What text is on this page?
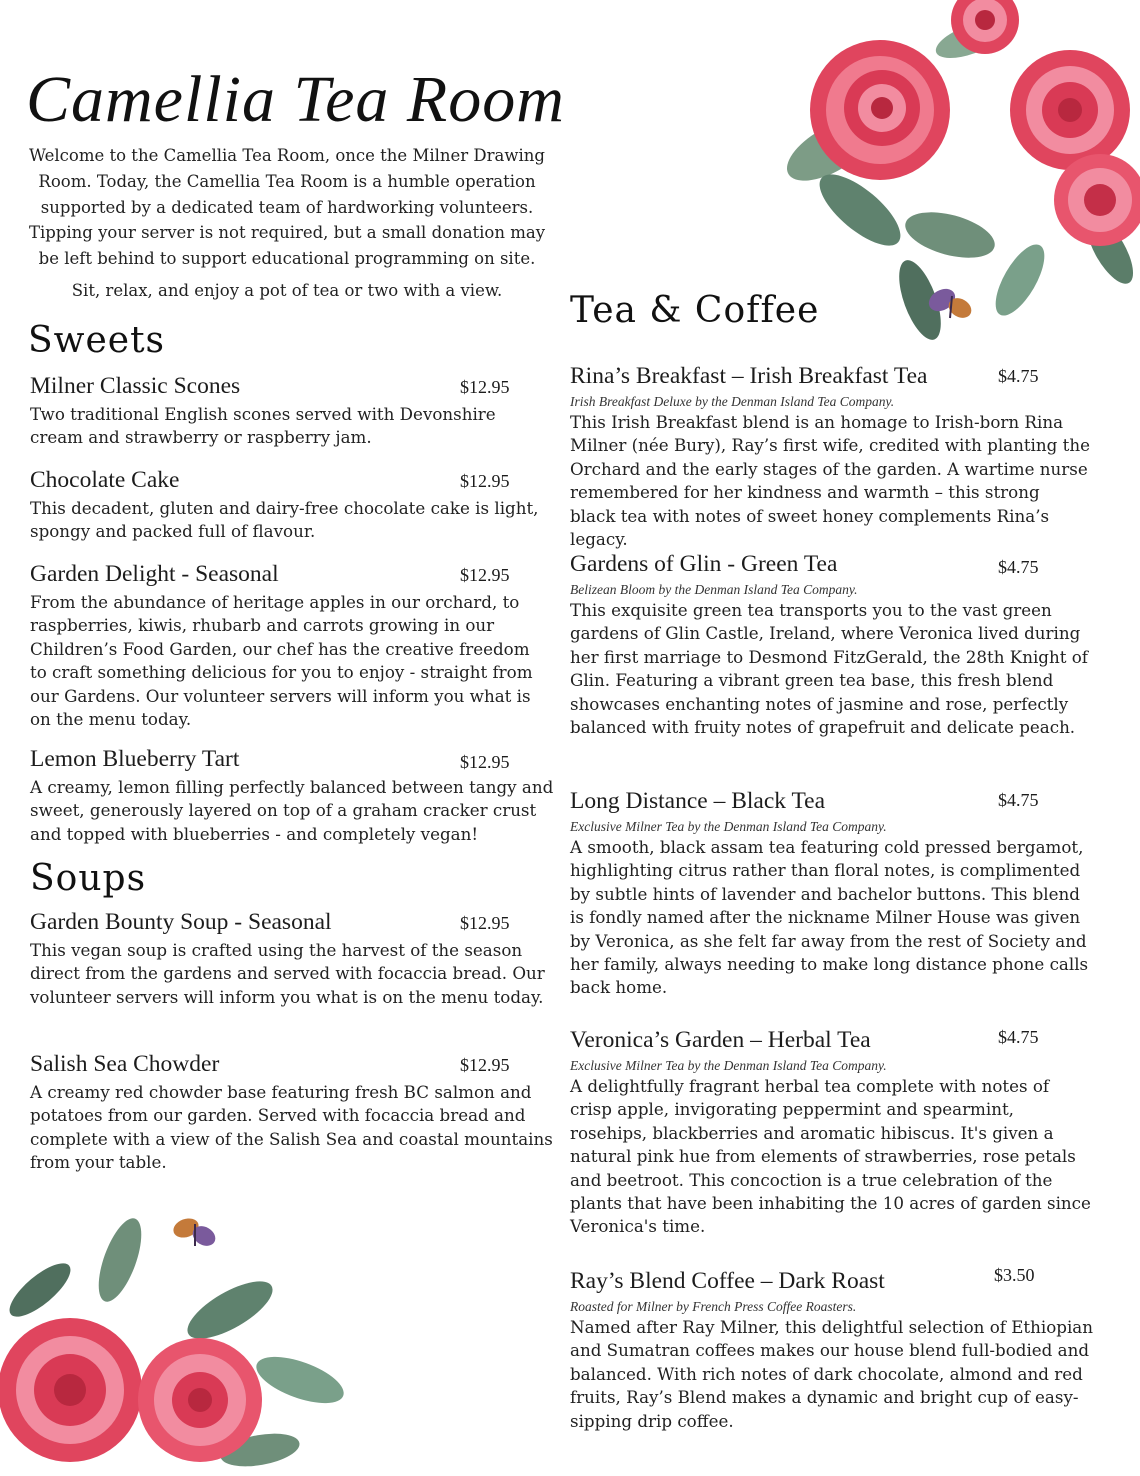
Camellia Tea Room

Welcome to the Camellia Tea Room, once the Milner Drawing Room. Today, the Camellia Tea Room is a humble operation supported by a dedicated team of hardworking volunteers. Tipping your server is not required, but a small donation may be left behind to support educational programming on site.

Sit, relax, and enjoy a pot of tea or two with a view.

Sweets
Milner Classic Scones	$12.95
Two traditional English scones served with Devonshire cream and strawberry or raspberry jam.
Chocolate Cake	$12.95
This decadent, gluten and dairy-free chocolate cake is light, spongy and packed full of flavour.
Garden Delight - Seasonal	$12.95
From the abundance of heritage apples in our orchard, to raspberries, kiwis, rhubarb and carrots growing in our Children’s Food Garden, our chef has the creative freedom to craft something delicious for you to enjoy - straight from our Gardens. Our volunteer servers will inform you what is on the menu today.
Lemon Blueberry Tart	$12.95
A creamy, lemon filling perfectly balanced between tangy and sweet, generously layered on top of a graham cracker crust and topped with blueberries - and completely vegan!
Soups
Garden Bounty Soup - Seasonal	$12.95
This vegan soup is crafted using the harvest of the season direct from the gardens and served with focaccia bread. Our volunteer servers will inform you what is on the menu today.
Salish Sea Chowder	$12.95
A creamy red chowder base featuring fresh BC salmon and potatoes from our garden. Served with focaccia bread and complete with a view of the Salish Sea and coastal mountains from your table.
Tea & Coffee
Rina’s Breakfast – Irish Breakfast Tea	$4.75
Irish Breakfast Deluxe by the Denman Island Tea Company.
This Irish Breakfast blend is an homage to Irish-born Rina Milner (née Bury), Ray’s first wife, credited with planting the Orchard and the early stages of the garden. A wartime nurse remembered for her kindness and warmth – this strong black tea with notes of sweet honey complements Rina’s legacy.
Gardens of Glin - Green Tea	$4.75
Belizean Bloom by the Denman Island Tea Company.
This exquisite green tea transports you to the vast green gardens of Glin Castle, Ireland, where Veronica lived during her first marriage to Desmond FitzGerald, the 28th Knight of Glin. Featuring a vibrant green tea base, this fresh blend showcases enchanting notes of jasmine and rose, perfectly balanced with fruity notes of grapefruit and delicate peach.
Long Distance – Black Tea	$4.75
Exclusive Milner Tea by the Denman Island Tea Company.
A smooth, black assam tea featuring cold pressed bergamot, highlighting citrus rather than floral notes, is complimented by subtle hints of lavender and bachelor buttons. This blend is fondly named after the nickname Milner House was given by Veronica, as she felt far away from the rest of Society and her family, always needing to make long distance phone calls back home.
Veronica’s Garden – Herbal Tea	$4.75
Exclusive Milner Tea by the Denman Island Tea Company.
A delightfully fragrant herbal tea complete with notes of crisp apple, invigorating peppermint and spearmint, rosehips, blackberries and aromatic hibiscus. It's given a natural pink hue from elements of strawberries, rose petals and beetroot. This concoction is a true celebration of the plants that have been inhabiting the 10 acres of garden since Veronica's time.
Ray’s Blend Coffee – Dark Roast	$3.50
Roasted for Milner by French Press Coffee Roasters.
Named after Ray Milner, this delightful selection of Ethiopian and Sumatran coffees makes our house blend full-bodied and balanced. With rich notes of dark chocolate, almond and red fruits, Ray’s Blend makes a dynamic and bright cup of easy-sipping drip coffee.
